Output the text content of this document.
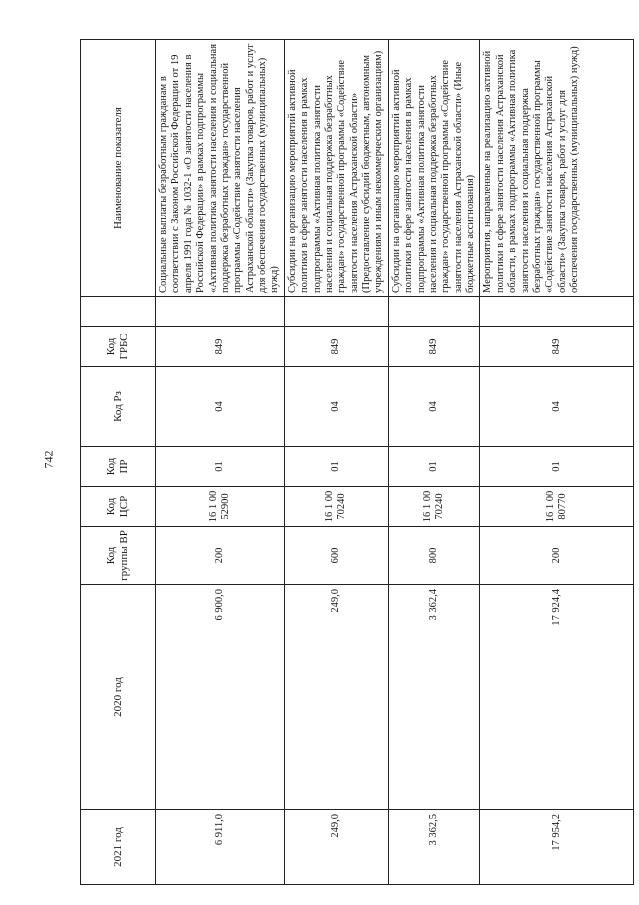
742
2021 год	2020 год	Код группы ВР	Код ЦСР	Код ПР	Код Рз	Код ГРБС		Наименование показателя
6 911,0	6 900,0	200	16 1 00 52900	01	04	849		Социальные выплаты безработным гражданам в соответствии с Законом Российской Федерации от 19 апреля 1991 года № 1032-1 «О занятости населения в Российской Федерации» в рамках подпрограммы «Активная политика занятости населения и социальная поддержка безработных граждан» государственной программы «Содействие занятости населения Астраханской области» (Закупка товаров, работ и услуг для обеспечения государственных (муниципальных) нужд)
249,0	249,0	600	16 1 00 70240	01	04	849		Субсидии на организацию мероприятий активной политики в сфере занятости населения в рамках подпрограммы «Активная политика занятости населения и социальная поддержка безработных граждан» государственной программы «Содействие занятости населения Астраханской области» (Предоставление субсидий бюджетным, автономным учреждениям и иным некоммерческим организациям)
3 362,5	3 362,4	800	16 1 00 70240	01	04	849		Субсидии на организацию мероприятий активной политики в сфере занятости населения в рамках подпрограммы «Активная политика занятости населения и социальная поддержка безработных граждан» государственной программы «Содействие занятости населения Астраханской области» (Иные бюджетные ассигнования)
17 954,2	17 924,4	200	16 1 00 80770	01	04	849		Мероприятия, направленные на реализацию активной политики в сфере занятости населения Астраханской области, в рамках подпрограммы «Активная политика занятости населения и социальная поддержка безработных граждан» государственной программы «Содействие занятости населения Астраханской области» (Закупка товаров, работ и услуг для обеспечения государственных (муниципальных) нужд)
